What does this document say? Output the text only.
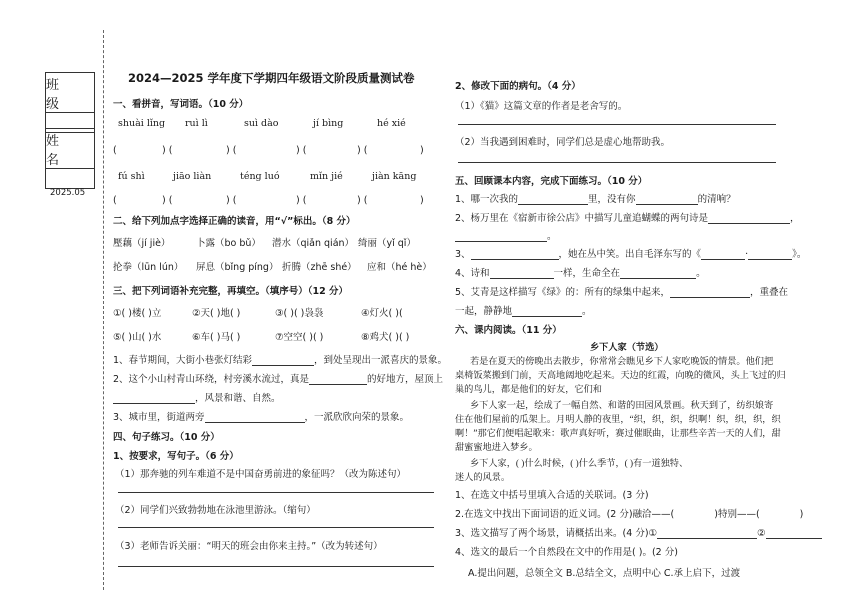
班 级
姓 名
2025.05
2024—2025 学年度下学期四年级语文阶段质量测试卷
一、看拼音，写词语。（10 分）
shuài lǐng ruì lì	suì dào	jí bìng	hé xié
(	) (	) (	) (	) (	)
fú shì	jiāo liàn	téng luó	mǐn jié	jiàn kāng
(	) (	) (	) (	) (	)
二、给下列加点字选择正确的读音，用“√”标出。（8 分）
壓藕（jí jiè）	卜露（bo bǔ） 潜水（qiǎn qián） 绮丽（yǐ qǐ）
抡拳（lūn lún） 屏息（bǐng píng） 折腾（zhē shé） 应和（hé hè）
三、把下列词语补充完整，再填空。（填序号）（12 分）
①( )楼( )立	②天( )地( )	③( )( )袅袅	④灯火( )(
⑤( )山( )水	⑥车( )马( )	⑦空空( )( )	⑧鸡犬( )( )
1、春节期间，大街小巷张灯结彩	，到处呈现出一派喜庆的景象。
2、这个小山村青山环绕，村旁溪水流过，真是	的好地方，屋顶上
，风景和谐、自然。
3、城市里，街道两旁	，一派欣欣向荣的景象。
四、句子练习。（10 分）
1、按要求，写句子。（6 分）
（1）那奔驰的列车难道不是中国奋勇前进的象征吗？（改为陈述句）
（2）同学们兴致勃勃地在泳池里游泳。（缩句）
（3）老师告诉关丽：“明天的班会由你来主持。”（改为转述句）
2、修改下面的病句。（4 分）
（1）《猫》这篇文章的作者是老舍写的。
（2）当我遇到困难时，同学们总是虚心地帮助我。
五、回顾课本内容，完成下面练习。（10 分）
1、哪一次我的	里，没有你	的清响？
2、杨万里在《宿新市徐公店》中描写儿童追蝴蝶的两句诗是	，
。
3、	，她在丛中笑。出自毛泽东写的《	·	》。
4、诗和	一样，生命全在	。
5、艾青是这样描写《绿》的：所有的绿集中起来，	，重叠在
一起，静静地	。
六、课内阅读。（11 分）
乡下人家（节选）
若是在夏天的傍晚出去散步，你常常会瞧见乡下人家吃晚饭的情景。他们把
桌椅饭菜搬到门前，天高地阔地吃起来。天边的红霞，向晚的微风，头上飞过的归
巢的鸟儿，都是他们的好友，它们和
乡下人家一起，绘成了一幅自然、和谐的田园风景画。秋天到了，纺织娘寄
住在他们屋前的瓜架上。月明人静的夜里，“织，织，织，织啊！织，织，织，织
啊！”那它们便唱起歌来：歌声真好听，赛过催眠曲，让那些辛苦一天的人们，甜
甜蜜蜜地进入梦乡。
乡下人家，( )什么时候，( )什么季节，( )有一道独特、
迷人的风景。
1、在选文中括号里填入合适的关联词。(3 分)
2.在选文中找出下面词语的近义词。(2 分)融洽——(	)特别——(	)
3、选文描写了两个场景，请概括出来。(4 分)①	②
4、选文的最后一个自然段在文中的作用是( )。(2 分)
A.提出问题，总领全文 B.总结全文，点明中心 C.承上启下，过渡
